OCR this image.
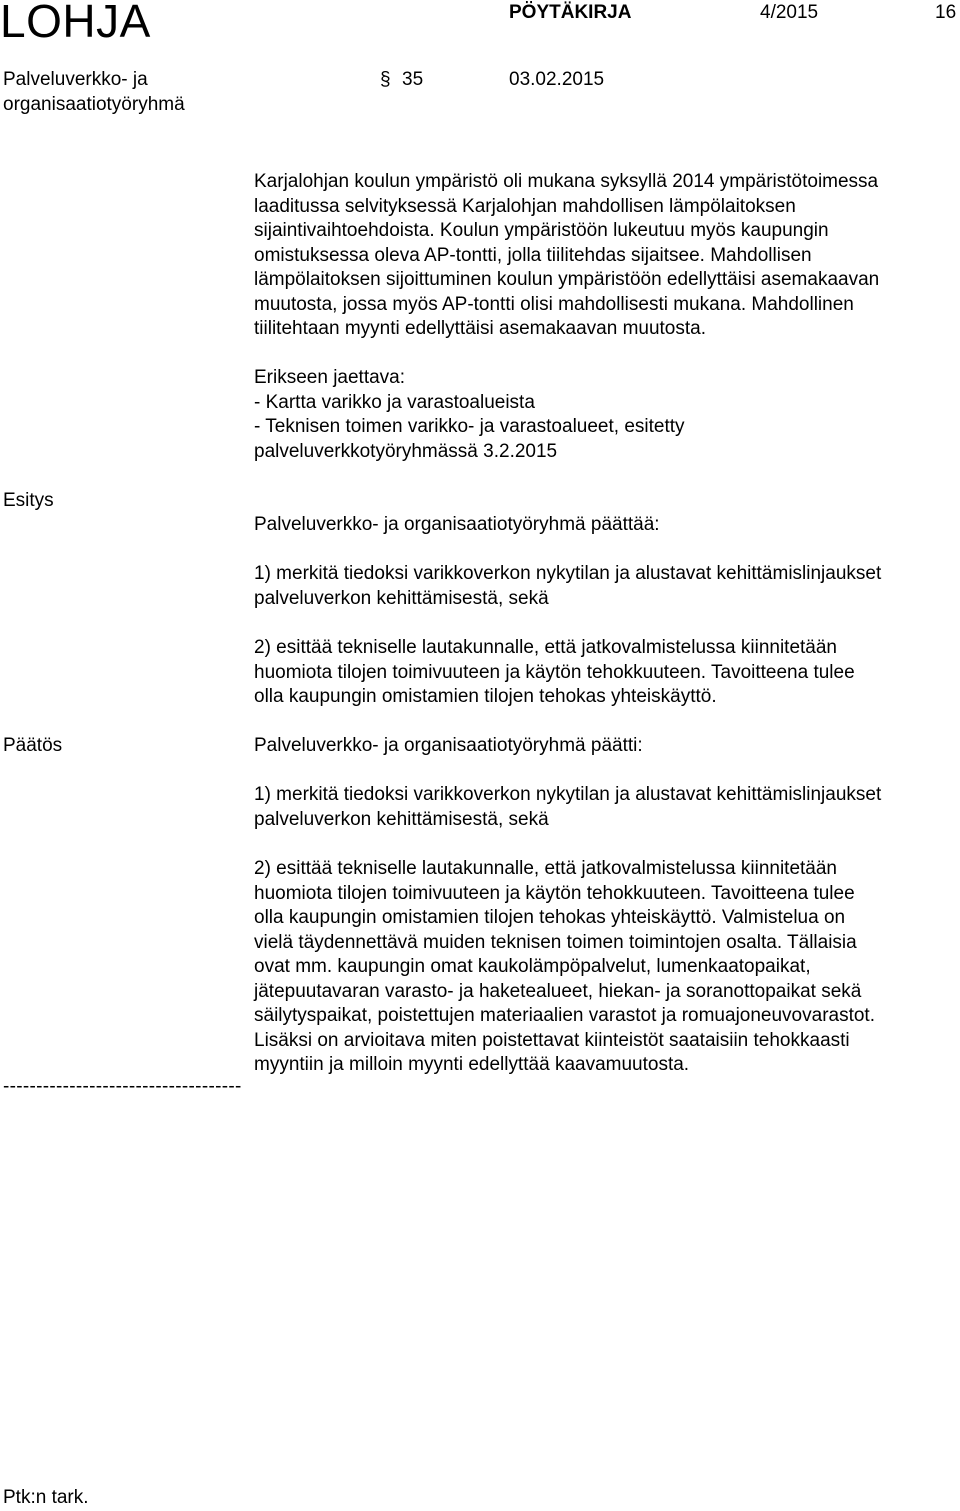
LOHJA	PÖYTÄKIRJA	4/2015	16
Palveluverkko- ja
organisaatiotyöryhmä
§ 35	03.02.2015
Karjalohjan koulun ympäristö oli mukana syksyllä 2014 ympäristötoimessa
laaditussa selvityksessä Karjalohjan mahdollisen lämpölaitoksen
sijaintivaihtoehdoista. Koulun ympäristöön lukeutuu myös kaupungin
omistuksessa oleva AP-tontti, jolla tiilitehdas sijaitsee. Mahdollisen
lämpölaitoksen sijoittuminen koulun ympäristöön edellyttäisi asemakaavan
muutosta, jossa myös AP-tontti olisi mahdollisesti mukana. Mahdollinen
tiilitehtaan myynti edellyttäisi asemakaavan muutosta.
Erikseen jaettava:
- Kartta varikko ja varastoalueista
- Teknisen toimen varikko- ja varastoalueet, esitetty
palveluverkkotyöryhmässä 3.2.2015
Esitys
Palveluverkko- ja organisaatiotyöryhmä päättää:
1) merkitä tiedoksi varikkoverkon nykytilan ja alustavat kehittämislinjaukset
palveluverkon kehittämisestä, sekä
2) esittää tekniselle lautakunnalle, että jatkovalmistelussa kiinnitetään
huomiota tilojen toimivuuteen ja käytön tehokkuuteen. Tavoitteena tulee
olla kaupungin omistamien tilojen tehokas yhteiskäyttö.
Päätös	Palveluverkko- ja organisaatiotyöryhmä päätti:
1) merkitä tiedoksi varikkoverkon nykytilan ja alustavat kehittämislinjaukset
palveluverkon kehittämisestä, sekä
2) esittää tekniselle lautakunnalle, että jatkovalmistelussa kiinnitetään
huomiota tilojen toimivuuteen ja käytön tehokkuuteen. Tavoitteena tulee
olla kaupungin omistamien tilojen tehokas yhteiskäyttö. Valmistelua on
vielä täydennettävä muiden teknisen toimen toimintojen osalta. Tällaisia
ovat mm. kaupungin omat kaukolämpöpalvelut, lumenkaatopaikat,
jätepuutavaran varasto- ja haketealueet, hiekan- ja soranottopaikat sekä
säilytyspaikat, poistettujen materiaalien varastot ja romuajoneuvovarastot.
Lisäksi on arvioitava miten poistettavat kiinteistöt saataisiin tehokkaasti
myyntiin ja milloin myynti edellyttää kaavamuutosta.
------------------------------------
Ptk:n tark.
